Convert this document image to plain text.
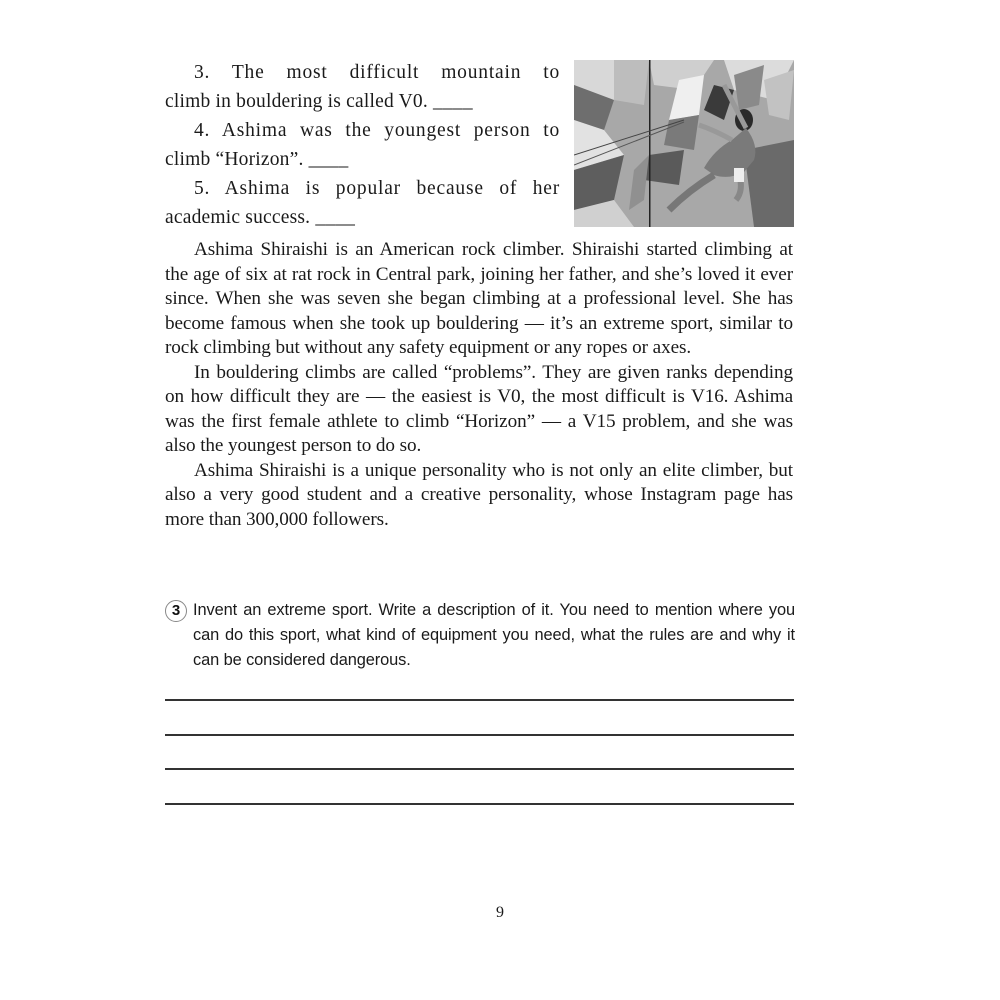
3. The most difficult mountain to
climb in bouldering is called V0. ____
4. Ashima was the youngest person to
climb “Horizon”. ____
5. Ashima is popular because of her
academic success. ____

Ashima Shiraishi is an American rock climber. Shiraishi started climbing at the age of six at rat rock in Central park, joining her father, and she’s loved it ever since. When she was seven she began climbing at a professional level. She has become famous when she took up bouldering — it’s an extreme sport, similar to rock climbing but without any safety equipment or any ropes or axes.

In bouldering climbs are called “problems”. They are given ranks depending on how difficult they are — the easiest is V0, the most difficult is V16. Ashima was the first female athlete to climb “Horizon” — a V15 problem, and she was also the youngest person to do so.

Ashima Shiraishi is a unique personality who is not only an elite climber, but also a very good student and a creative personality, whose Instagram page has more than 300,000 followers.

3 Invent an extreme sport. Write a description of it. You need to mention where you can do this sport, what kind of equipment you need, what the rules are and why it can be considered dangerous.
9
